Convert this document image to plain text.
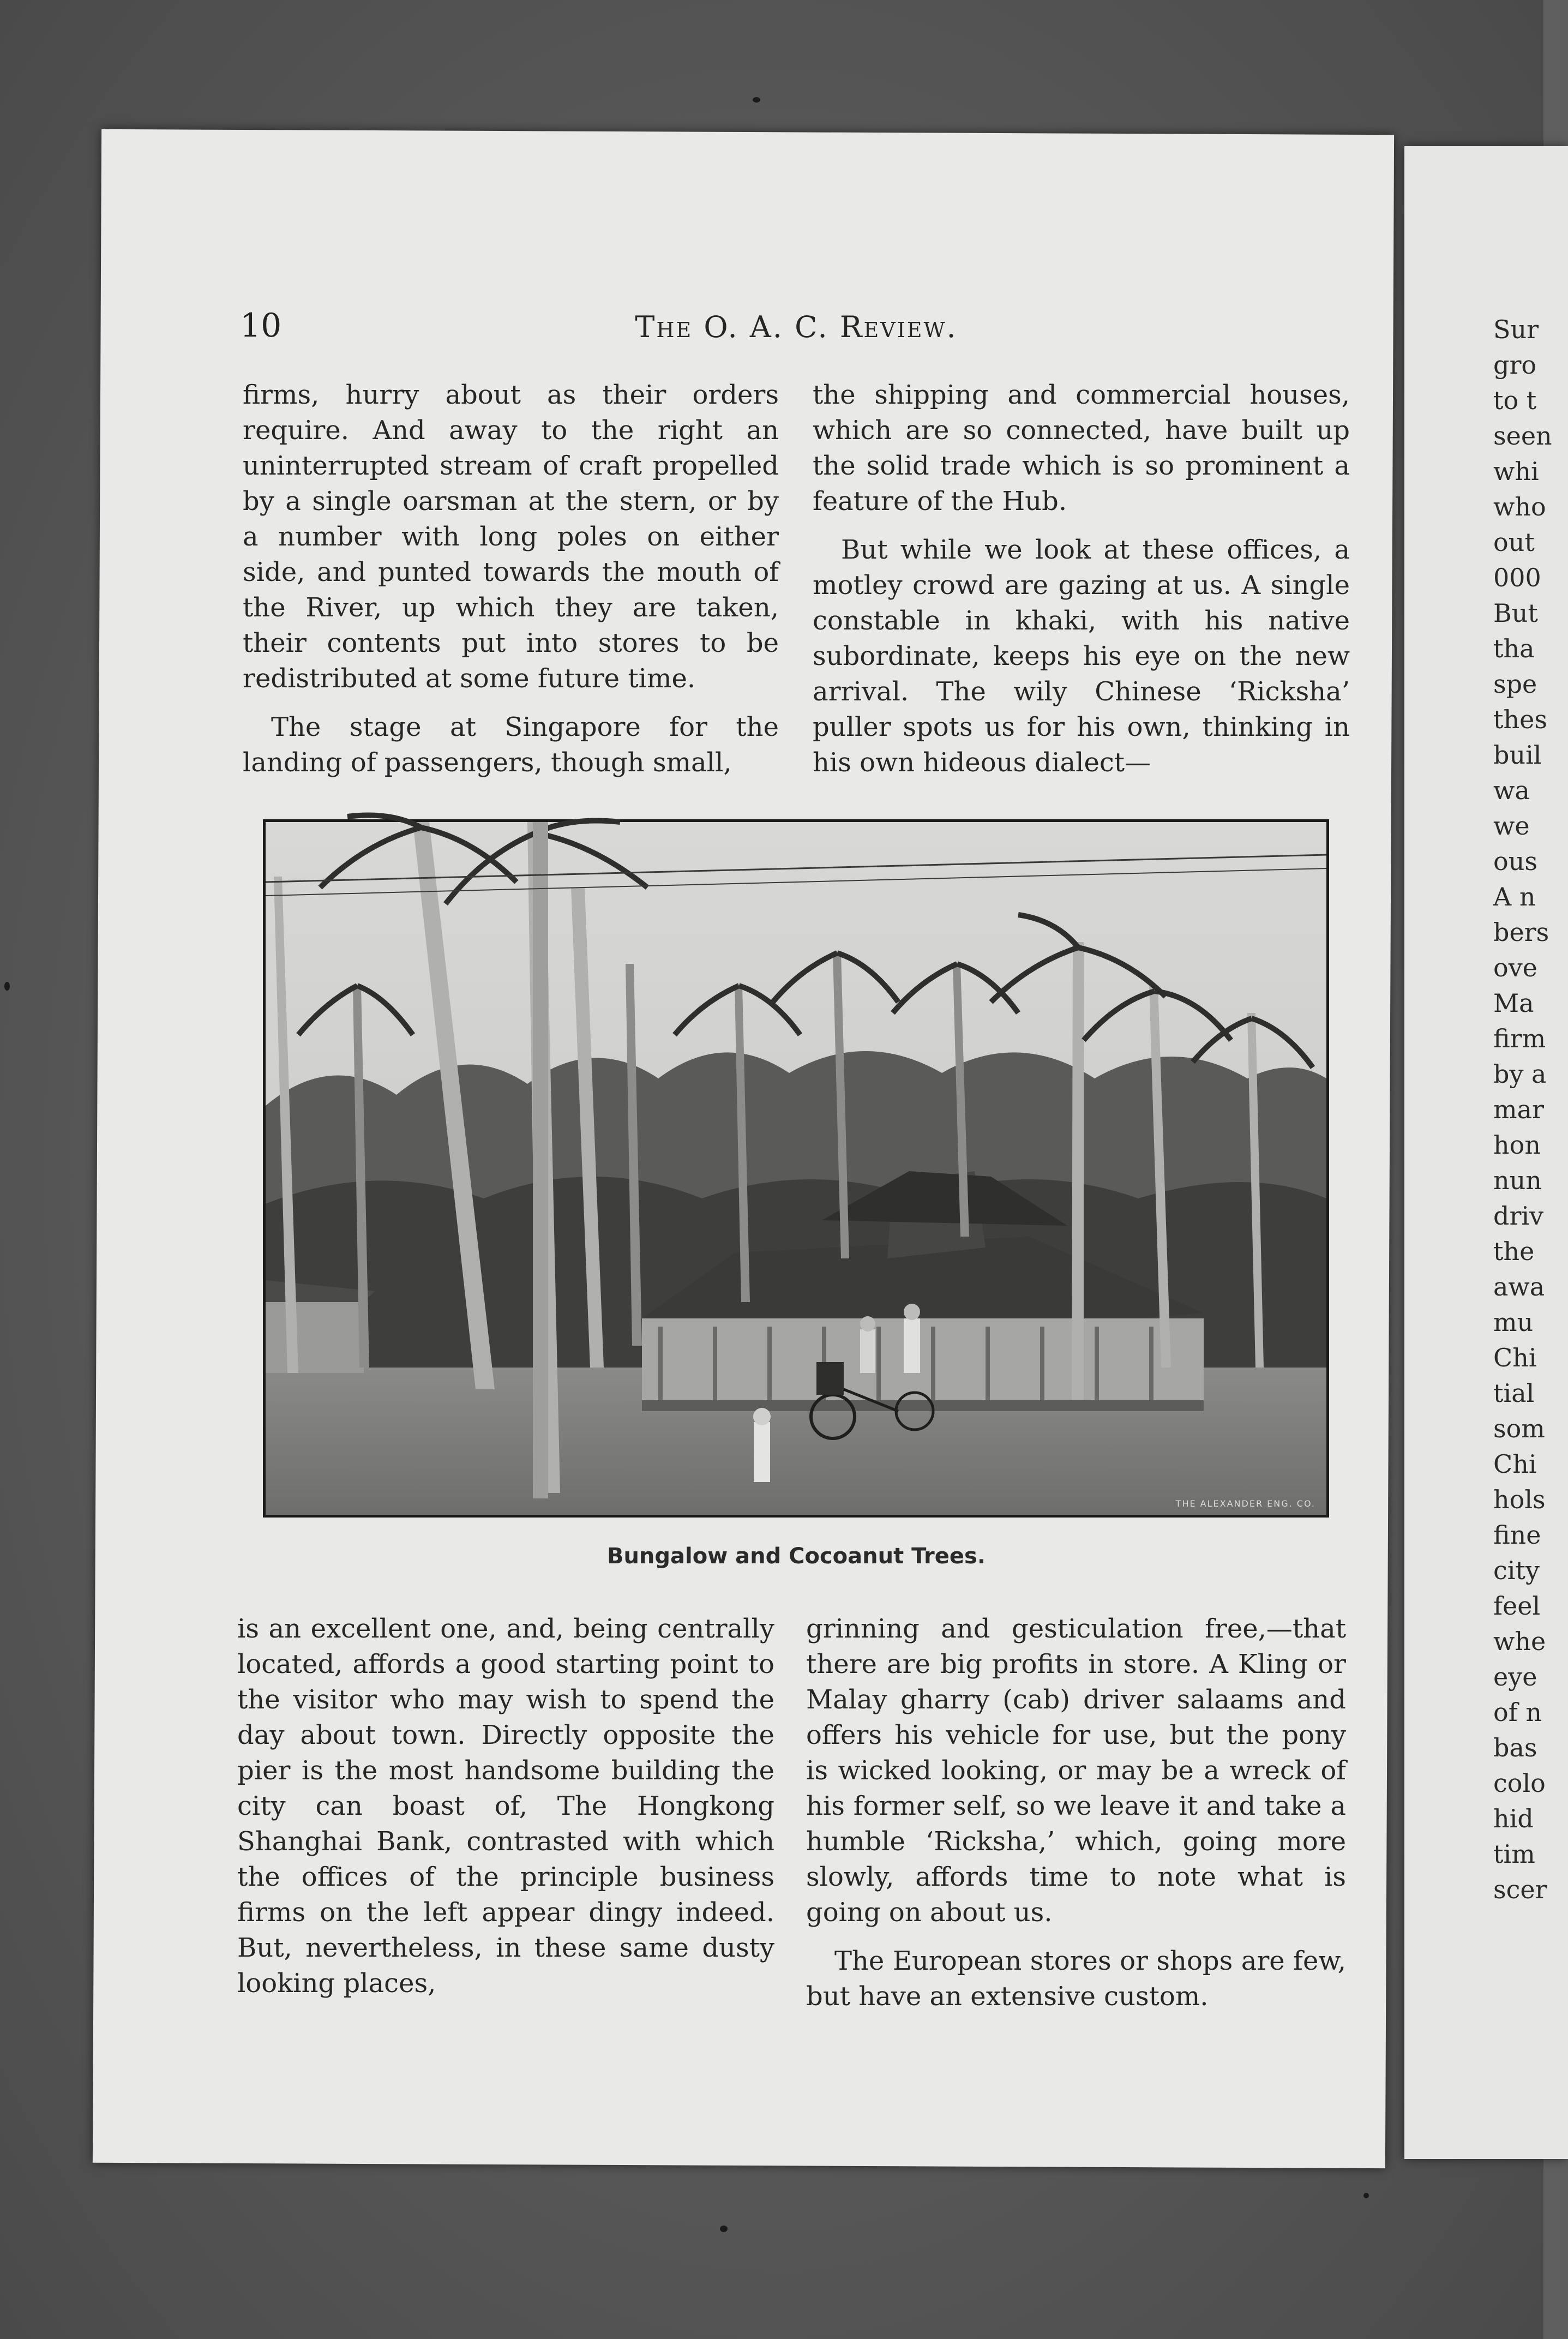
Sur
gro
to t
seen
whi
who
out
000
But
tha
spe
thes
buil
wa
we
ous
A n
bers
ove
Ma
firm
by a
mar
hon
nun
driv
the
awa
mu
Chi
tial
som
Chi
hols
fine
city
feel
whe
eye
of n
bas
colo
hid
tim
scer
10	The O. A. C. Review.

firms, hurry about as their orders require. And away to the right an uninterrupted stream of craft propelled by a single oarsman at the stern, or by a number with long poles on either side, and punted towards the mouth of the River, up which they are taken, their contents put into stores to be redistributed at some future time.

The stage at Singapore for the landing of passengers, though small,

the shipping and commercial houses, which are so connected, have built up the solid trade which is so prominent a feature of the Hub.

But while we look at these offices, a motley crowd are gazing at us. A single constable in khaki, with his native subordinate, keeps his eye on the new arrival. The wily Chinese ‘Ricksha’ puller spots us for his own, thinking in his own hideous dialect—

THE ALEXANDER ENG. CO.
Bungalow and Cocoanut Trees.

is an excellent one, and, being centrally located, affords a good starting point to the visitor who may wish to spend the day about town. Directly opposite the pier is the most handsome building the city can boast of, The Hongkong Shanghai Bank, contrasted with which the offices of the principle business firms on the left appear dingy indeed. But, nevertheless, in these same dusty looking places,

grinning and gesticulation free,—that there are big profits in store. A Kling or Malay gharry (cab) driver salaams and offers his vehicle for use, but the pony is wicked looking, or may be a wreck of his former self, so we leave it and take a humble ‘Ricksha,’ which, going more slowly, affords time to note what is going on about us.

The European stores or shops are few, but have an extensive custom.
